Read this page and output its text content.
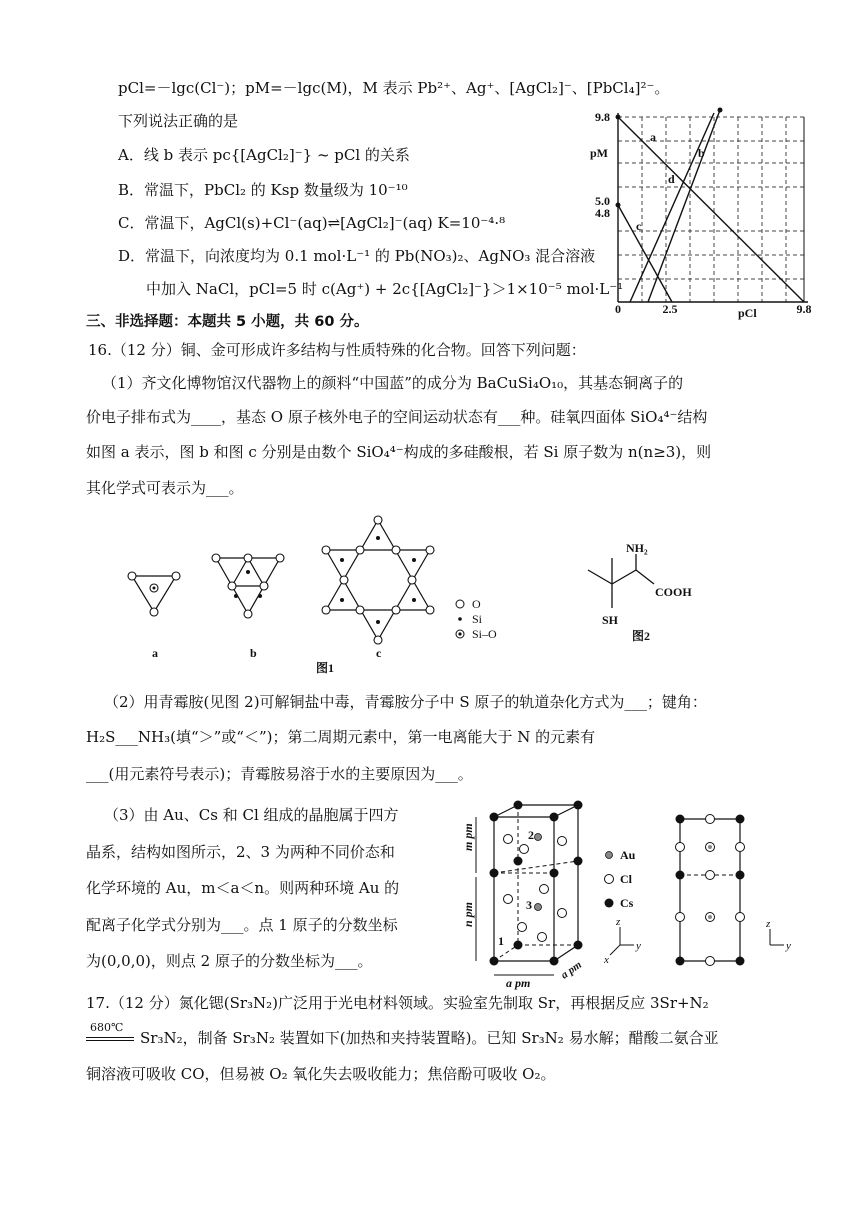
pCl=－lgc(Cl⁻)；pM=－lgc(M)，M 表示 Pb²⁺、Ag⁺、[AgCl₂]⁻、[PbCl₄]²⁻。
下列说法正确的是
A．线 b 表示 pc{[AgCl₂]⁻} ~ pCl 的关系
B．常温下，PbCl₂ 的 Ksp 数量级为 10⁻¹⁰
C．常温下，AgCl(s)+Cl⁻(aq)⇌[AgCl₂]⁻(aq) K=10⁻⁴·⁸
D．常温下，向浓度均为 0.1 mol·L⁻¹ 的 Pb(NO₃)₂、AgNO₃ 混合溶液
中加入 NaCl，pCl=5 时 c(Ag⁺) + 2c{[AgCl₂]⁻}＞1×10⁻⁵ mol·L⁻¹
9.8
5.0
4.8
pM
0	2.5	9.8
pCl
a
b
c
d
三、非选择题：本题共 5 小题，共 60 分。
16.（12 分）铜、金可形成许多结构与性质特殊的化合物。回答下列问题：
（1）齐文化博物馆汉代器物上的颜料“中国蓝”的成分为 BaCuSi₄O₁₀，其基态铜离子的
价电子排布式为____，基态 O 原子核外电子的空间运动状态有___种。硅氧四面体 SiO₄⁴⁻结构
如图 a 表示，图 b 和图 c 分别是由数个 SiO₄⁴⁻构成的多硅酸根，若 Si 原子数为 n(n≥3)，则
其化学式可表示为___。
O
Si
Si–O
a	b	c
图1
NH₂
COOH
SH
图2
（2）用青霉胺(见图 2)可解铜盐中毒，青霉胺分子中 S 原子的轨道杂化方式为___；键角：
H₂S___NH₃(填“＞”或“＜”)；第二周期元素中，第一电离能大于 N 的元素有
___(用元素符号表示)；青霉胺易溶于水的主要原因为___。
（3）由 Au、Cs 和 Cl 组成的晶胞属于四方
晶系，结构如图所示，2、3 为两种不同价态和
化学环境的 Au，m＜a＜n。则两种环境 Au 的
配离子化学式分别为___。点 1 原子的分数坐标
为(0,0,0)，则点 2 原子的分数坐标为___。
2
3
1
m pm
n pm
a pm
a pm
z
x
y
Au
Cl
Cs
z
y
17.（12 分）氮化锶(Sr₃N₂)广泛用于光电材料领域。实验室先制取 Sr，再根据反应 3Sr+N₂
680℃
Sr₃N₂，制备 Sr₃N₂ 装置如下(加热和夹持装置略)。已知 Sr₃N₂ 易水解；醋酸二氨合亚
铜溶液可吸收 CO，但易被 O₂ 氧化失去吸收能力；焦倍酚可吸收 O₂。
